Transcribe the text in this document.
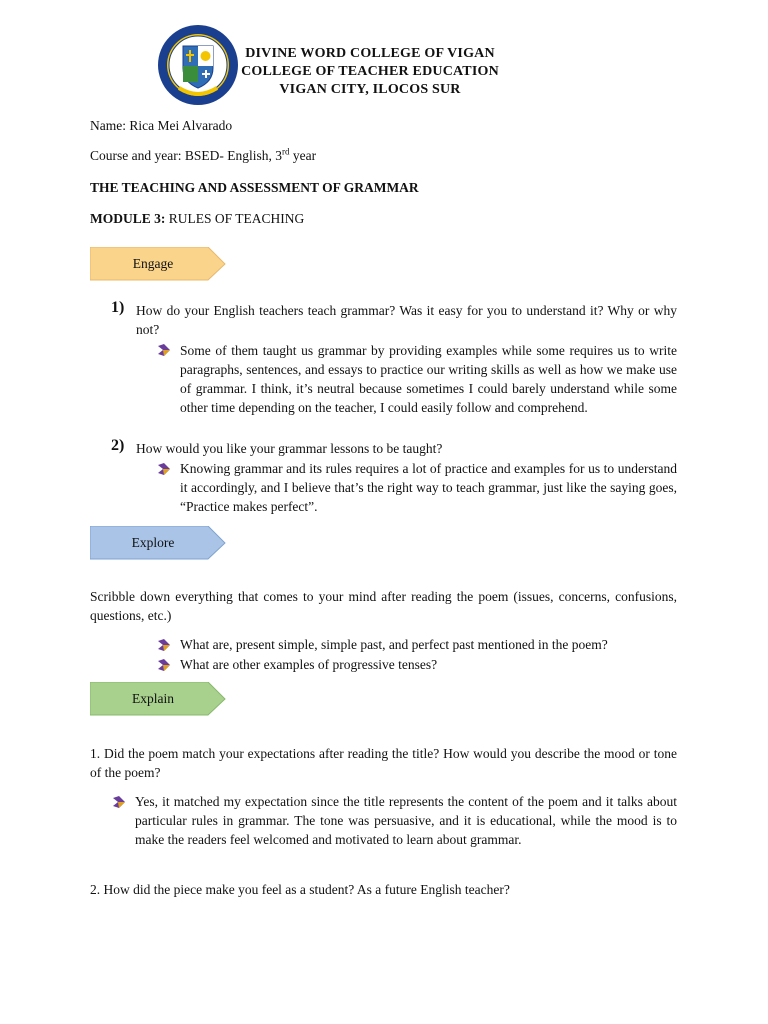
DIVINE WORD COLLEGE OF VIGAN
COLLEGE OF TEACHER EDUCATION
VIGAN CITY, ILOCOS SUR
Name: Rica Mei Alvarado
Course and year: BSED- English, 3rd year
THE TEACHING AND ASSESSMENT OF GRAMMAR
MODULE 3: RULES OF TEACHING
Engage
1) How do your English teachers teach grammar? Was it easy for you to understand it? Why or why not?
Some of them taught us grammar by providing examples while some requires us to write paragraphs, sentences, and essays to practice our writing skills as well as how we make use of grammar. I think, it’s neutral because sometimes I could barely understand while some other time depending on the teacher, I could easily follow and comprehend.
2) How would you like your grammar lessons to be taught?
Knowing grammar and its rules requires a lot of practice and examples for us to understand it accordingly, and I believe that’s the right way to teach grammar, just like the saying goes, “Practice makes perfect”.
Explore
Scribble down everything that comes to your mind after reading the poem (issues, concerns, confusions, questions, etc.)
What are, present simple, simple past, and perfect past mentioned in the poem?
What are other examples of progressive tenses?
Explain
1. Did the poem match your expectations after reading the title? How would you describe the mood or tone of the poem?
Yes, it matched my expectation since the title represents the content of the poem and it talks about particular rules in grammar. The tone was persuasive, and it is educational, while the mood is to make the readers feel welcomed and motivated to learn about grammar.
2. How did the piece make you feel as a student? As a future English teacher?
